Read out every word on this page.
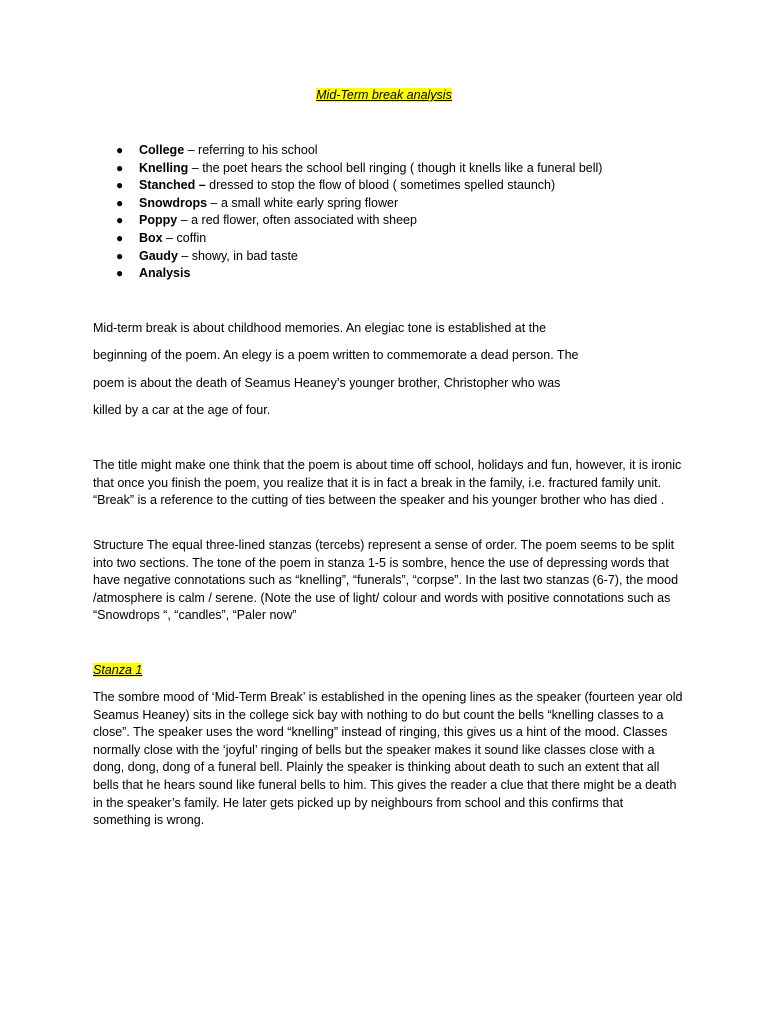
Mid-Term break analysis
● College – referring to his school
● Knelling – the poet hears the school bell ringing ( though it knells like a funeral bell)
● Stanched – dressed to stop the flow of blood ( sometimes spelled staunch)
● Snowdrops – a small white early spring flower
● Poppy – a red flower, often associated with sheep
● Box – coffin
● Gaudy – showy, in bad taste
● Analysis
Mid-term break is about childhood memories. An elegiac tone is established at the
beginning of the poem. An elegy is a poem written to commemorate a dead person. The
poem is about the death of Seamus Heaney’s younger brother, Christopher who was
killed by a car at the age of four.
The title might make one think that the poem is about time off school, holidays and fun, however, it is ironic that once you finish the poem, you realize that it is in fact a break in the family, i.e. fractured family unit. “Break” is a reference to the cutting of ties between the speaker and his younger brother who has died .
Structure The equal three-lined stanzas (tercebs) represent a sense of order. The poem seems to be split into two sections. The tone of the poem in stanza 1-5 is sombre, hence the use of depressing words that have negative connotations such as “knelling”, “funerals”, “corpse”. In the last two stanzas (6-7), the mood /atmosphere is calm / serene. (Note the use of light/ colour and words with positive connotations such as “Snowdrops “, “candles”, “Paler now”
Stanza 1
The sombre mood of ‘Mid-Term Break’ is established in the opening lines as the speaker (fourteen year old Seamus Heaney) sits in the college sick bay with nothing to do but count the bells “knelling classes to a close”. The speaker uses the word “knelling” instead of ringing, this gives us a hint of the mood. Classes normally close with the ‘joyful’ ringing of bells but the speaker makes it sound like classes close with a dong, dong, dong of a funeral bell. Plainly the speaker is thinking about death to such an extent that all bells that he hears sound like funeral bells to him. This gives the reader a clue that there might be a death in the speaker’s family. He later gets picked up by neighbours from school and this confirms that something is wrong.
